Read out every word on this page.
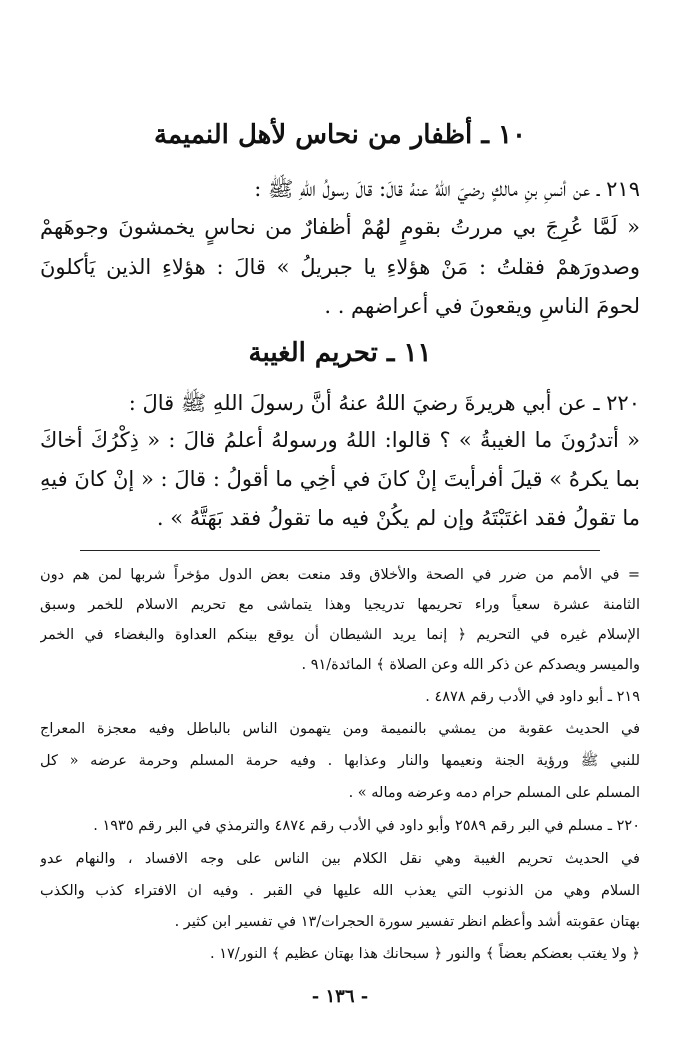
١٠ ـ أظفار من نحاس لأهل النميمة
٢١٩ ـ عن أنسِ بنِ مالكٍ رضيَ اللهُ عنهُ قالَ: قالَ رسولُ اللهِ ﷺ :
« لَمَّا عُرِجَ بي مررتُ بقومٍ لهُمْ أظفارٌ من نحاسٍ يخمشونَ وجوهَهمْ
وصدورَهمْ فقلتُ : مَنْ هؤلاءِ يا جبريلُ » قالَ : هؤلاءِ الذين يَأكلونَ
لحومَ الناسِ ويقعونَ في أعراضهم . .
١١ ـ تحريم الغيبة
٢٢٠ ـ عن أبي هريرةَ رضيَ اللهُ عنهُ أنَّ رسولَ اللهِ ﷺ قالَ :
« أتدرُونَ ما الغيبةُ » ؟ قالوا: اللهُ ورسولهُ أعلمُ قالَ : « ذِكْرُكَ أخاكَ
بما يكرهُ » قيلَ أفرأيتَ إنْ كانَ في أخِي ما أقولُ : قالَ : « إنْ كانَ فيهِ
ما تقولُ فقد اغتَبْتَهُ وإن لم يكُنْ فيه ما تقولُ فقد بَهَتَّهُ » .
= في الأمم من ضرر في الصحة والأخلاق وقد منعت بعض الدول مؤخراً شربها لمن هم دون
الثامنة عشرة سعياً وراء تحريمها تدريجيا وهذا يتماشى مع تحريم الاسلام للخمر وسبق
الإسلام غيره في التحريم ﴿ إنما يريد الشيطان أن يوقع بينكم العداوة والبغضاء في الخمر
والميسر ويصدكم عن ذكر الله وعن الصلاة ﴾ المائدة/٩١ .
٢١٩ ـ أبو داود في الأدب رقم ٤٨٧٨ .
في الحديث عقوبة من يمشي بالنميمة ومن يتهمون الناس بالباطل وفيه معجزة المعراج
للنبي ﷺ ورؤية الجنة ونعيمها والنار وعذابها . وفيه حرمة المسلم وحرمة عرضه « كل
المسلم على المسلم حرام دمه وعرضه وماله » .
٢٢٠ ـ مسلم في البر رقم ٢٥٨٩ وأبو داود في الأدب رقم ٤٨٧٤ والترمذي في البر رقم ١٩٣٥ .
في الحديث تحريم الغيبة وهي نقل الكلام بين الناس على وجه الافساد ، والنهام عدو
السلام وهي من الذنوب التي يعذب الله عليها في القبر . وفيه ان الافتراء كذب والكذب
بهتان عقوبته أشد وأعظم انظر تفسير سورة الحجرات/١٣ في تفسير ابن كثير .
﴿ ولا يغتب بعضكم بعضاً ﴾ والنور ﴿ سبحانك هذا بهتان عظيم ﴾ النور/١٧ .
- ١٣٦ -
